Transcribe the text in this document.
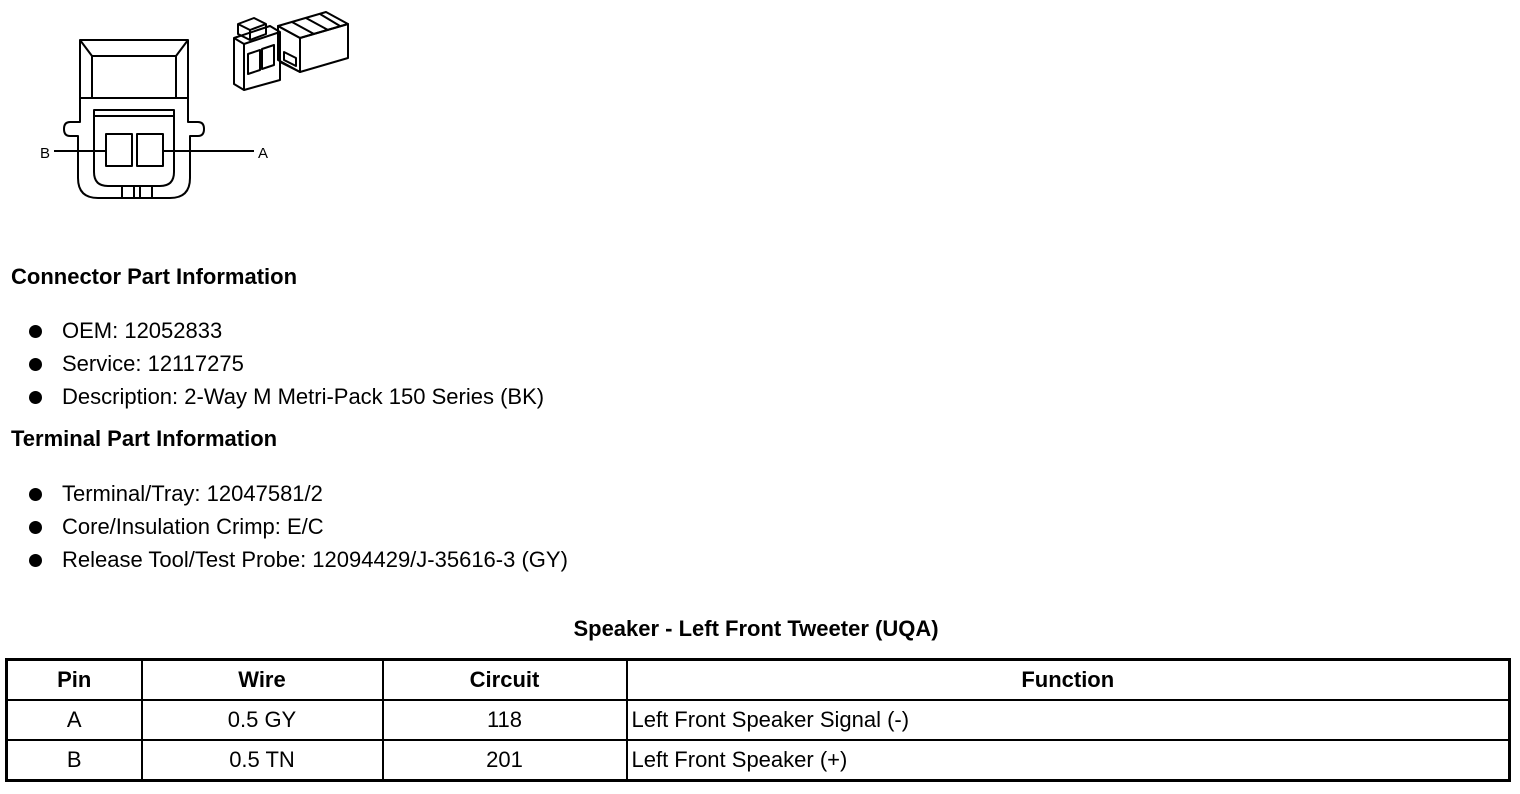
B	A
Connector Part Information
OEM: 12052833
Service: 12117275
Description: 2-Way M Metri-Pack 150 Series (BK)
Terminal Part Information
Terminal/Tray: 12047581/2
Core/Insulation Crimp: E/C
Release Tool/Test Probe: 12094429/J-35616-3 (GY)
Speaker - Left Front Tweeter (UQA)
Pin	Wire	Circuit	Function
A	0.5 GY	118	Left Front Speaker Signal (-)
B	0.5 TN	201	Left Front Speaker (+)
